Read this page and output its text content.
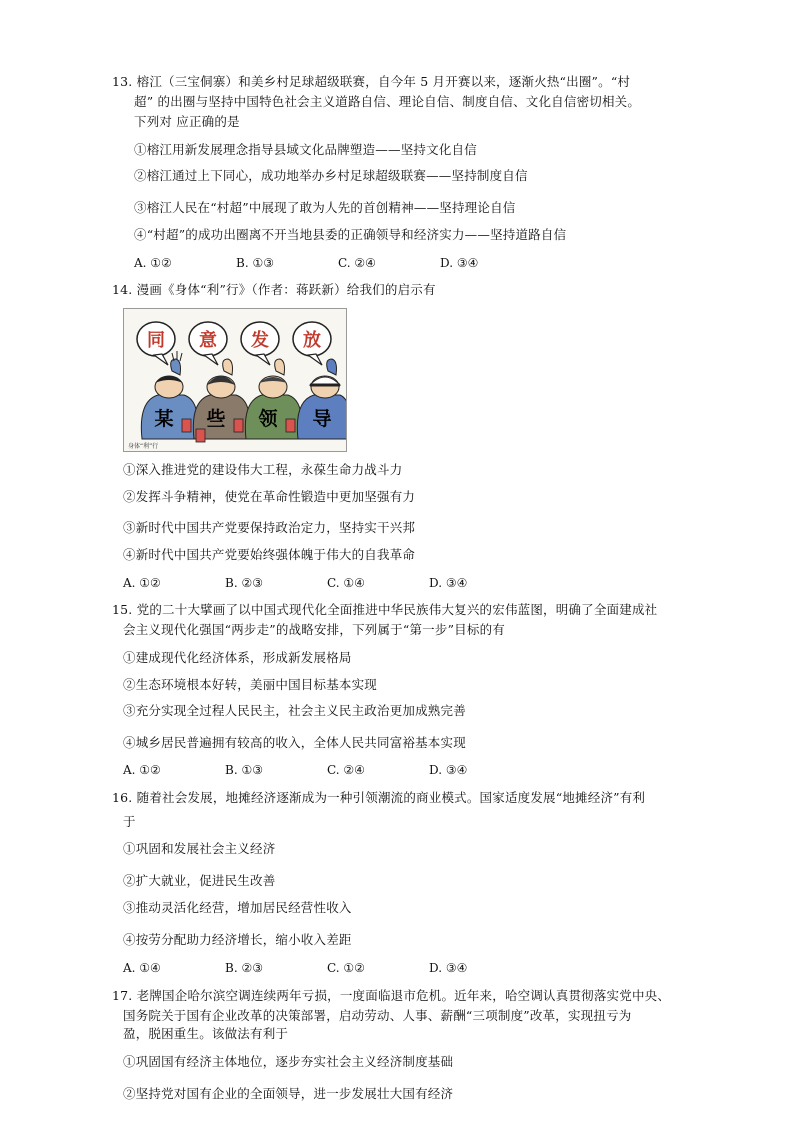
13. 榕江（三宝侗寨）和美乡村足球超级联赛，自今年 5 月开赛以来，逐渐火热“出圈”。“村
超” 的出圈与坚持中国特色社会主义道路自信、理论自信、制度自信、文化自信密切相关。
下列对 应正确的是
①榕江用新发展理念指导县域文化品牌塑造——坚持文化自信
②榕江通过上下同心，成功地举办乡村足球超级联赛——坚持制度自信
③榕江人民在“村超”中展现了敢为人先的首创精神——坚持理论自信
④“村超”的成功出圈离不开当地县委的正确领导和经济实力——坚持道路自信
A. ①②	B. ①③	C. ②④	D. ③④
14. 漫画《身体“利”行》（作者：蒋跃新）给我们的启示有
同 意 发 放
某 些 领 导
身体“利”行
①深入推进党的建设伟大工程，永葆生命力战斗力
②发挥斗争精神，使党在革命性锻造中更加坚强有力
③新时代中国共产党要保持政治定力，坚持实干兴邦
④新时代中国共产党要始终强体魄于伟大的自我革命
A. ①②	B. ②③	C. ①④	D. ③④
15. 党的二十大擘画了以中国式现代化全面推进中华民族伟大复兴的宏伟蓝图，明确了全面建成社
会主义现代化强国“两步走”的战略安排，下列属于“第一步”目标的有
①建成现代化经济体系，形成新发展格局
②生态环境根本好转，美丽中国目标基本实现
③充分实现全过程人民民主，社会主义民主政治更加成熟完善
④城乡居民普遍拥有较高的收入，全体人民共同富裕基本实现
A. ①②	B. ①③	C. ②④	D. ③④
16. 随着社会发展，地摊经济逐渐成为一种引领潮流的商业模式。国家适度发展“地摊经济”有利
于
①巩固和发展社会主义经济
②扩大就业，促进民生改善
③推动灵活化经营，增加居民经营性收入
④按劳分配助力经济增长，缩小收入差距
A. ①④	B. ②③	C. ①②	D. ③④
17. 老牌国企哈尔滨空调连续两年亏损，一度面临退市危机。近年来，哈空调认真贯彻落实党中央、
国务院关于国有企业改革的决策部署，启动劳动、人事、薪酬“三项制度”改革，实现扭亏为
盈，脱困重生。该做法有利于
①巩固国有经济主体地位，逐步夯实社会主义经济制度基础
②坚持党对国有企业的全面领导，进一步发展壮大国有经济
